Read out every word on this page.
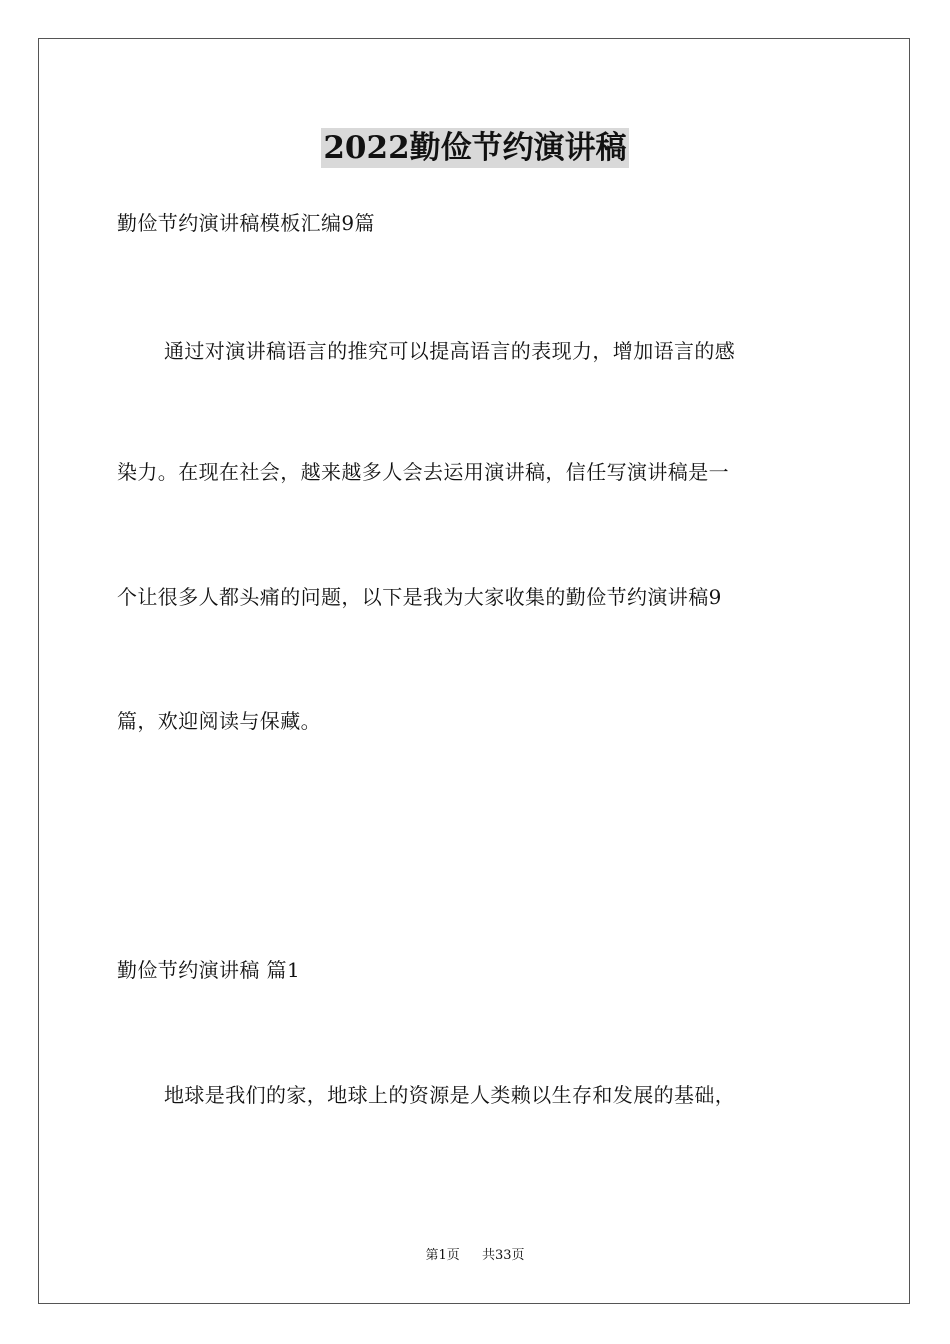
2022勤俭节约演讲稿
勤俭节约演讲稿模板汇编9篇
通过对演讲稿语言的推究可以提高语言的表现力，增加语言的感
染力。在现在社会，越来越多人会去运用演讲稿，信任写演讲稿是一
个让很多人都头痛的问题，以下是我为大家收集的勤俭节约演讲稿9
篇，欢迎阅读与保藏。
勤俭节约演讲稿 篇1
地球是我们的家，地球上的资源是人类赖以生存和发展的基础，
第1页 共33页
